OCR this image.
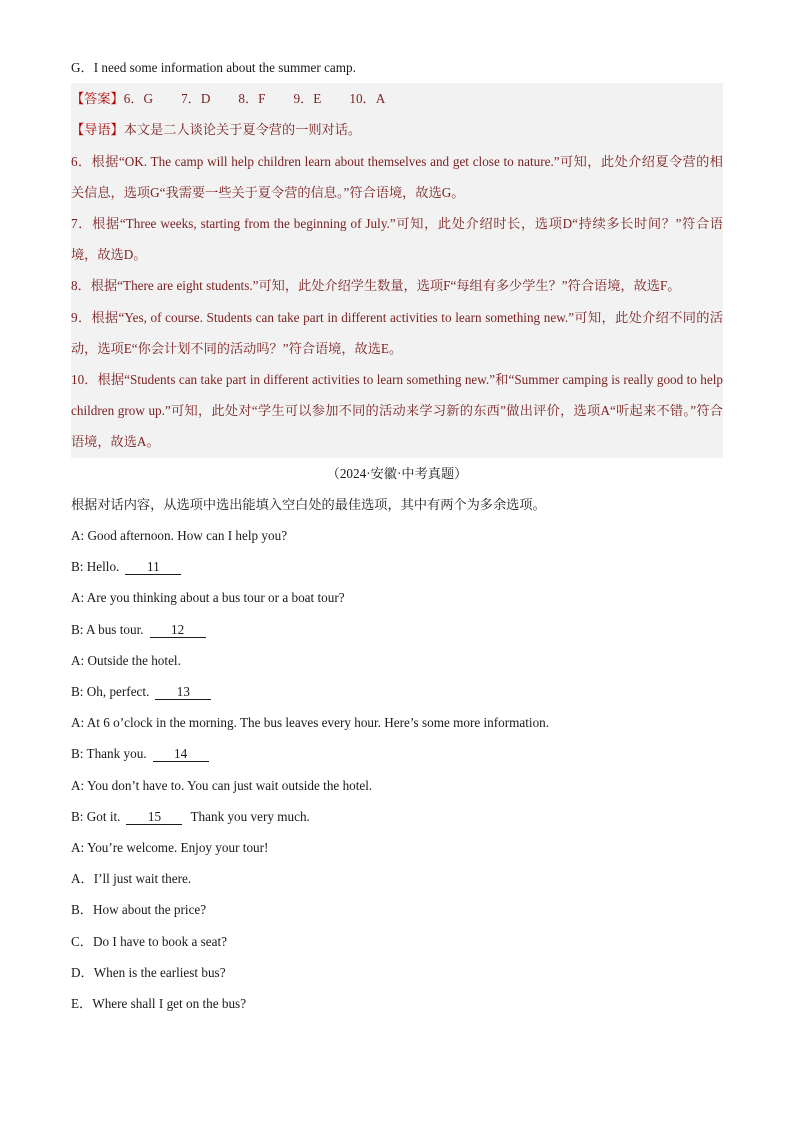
G．I need some information about the summer camp.
【答案】6．G 7．D 8．F 9．E 10．A
【导语】本文是二人谈论关于夏令营的一则对话。
6．根据“OK. The camp will help children learn about themselves and get close to nature.”可知，此处介绍夏令营的相关信息，选项G“我需要一些关于夏令营的信息。”符合语境，故选G。
7．根据“Three weeks, starting from the beginning of July.”可知，此处介绍时长，选项D“持续多长时间？”符合语境，故选D。
8．根据“There are eight students.”可知，此处介绍学生数量，选项F“每组有多少学生？”符合语境，故选F。
9．根据“Yes, of course. Students can take part in different activities to learn something new.”可知，此处介绍不同的活动，选项E“你会计划不同的活动吗？”符合语境，故选E。
10．根据“Students can take part in different activities to learn something new.”和“Summer camping is really good to help children grow up.”可知，此处对“学生可以参加不同的活动来学习新的东西”做出评价，选项A“听起来不错。”符合语境，故选A。
（2024·安徽·中考真题）
根据对话内容，从选项中选出能填入空白处的最佳选项，其中有两个为多余选项。
A: Good afternoon. How can I help you?
B: Hello. 11
A: Are you thinking about a bus tour or a boat tour?
B: A bus tour. 12
A: Outside the hotel.
B: Oh, perfect. 13
A: At 6 o’clock in the morning. The bus leaves every hour. Here’s some more information.
B: Thank you. 14
A: You don’t have to. You can just wait outside the hotel.
B: Got it. 15 Thank you very much.
A: You’re welcome. Enjoy your tour!
A．I’ll just wait there.
B．How about the price?
C．Do I have to book a seat?
D．When is the earliest bus?
E．Where shall I get on the bus?
